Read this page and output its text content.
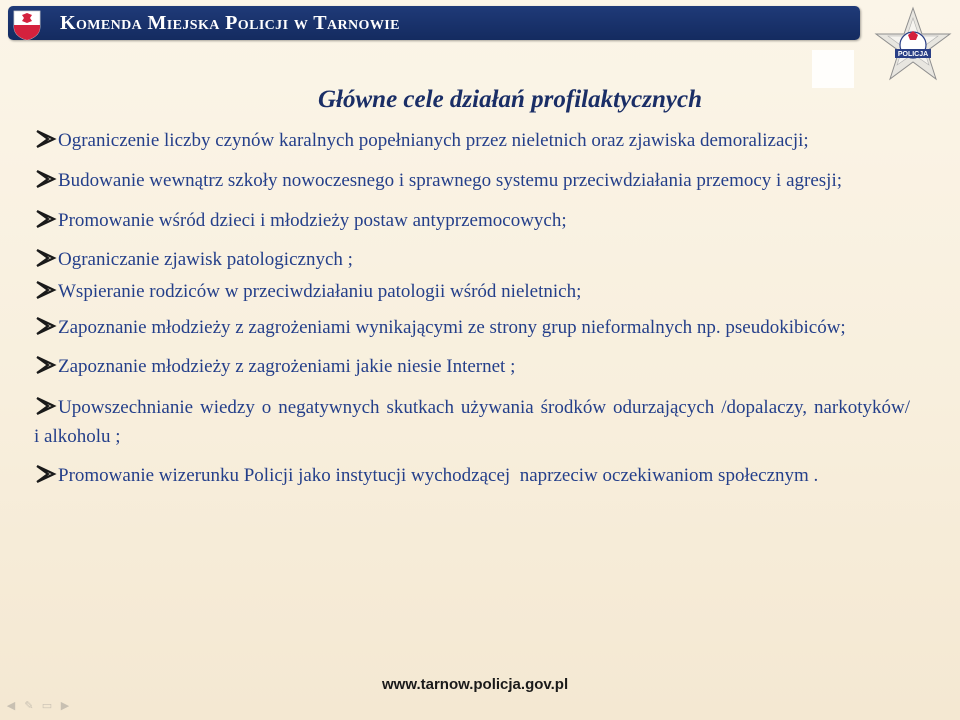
Komenda Miejska Policji w Tarnowie
POLICJA
Główne cele działań profilaktycznych
Ograniczenie liczby czynów karalnych popełnianych przez nieletnich oraz zjawiska demoralizacji;
Budowanie wewnątrz szkoły nowoczesnego i sprawnego systemu przeciwdziałania przemocy i agresji;
Promowanie wśród dzieci i młodzieży postaw antyprzemocowych;
Ograniczanie zjawisk patologicznych ;
Wspieranie rodziców w przeciwdziałaniu patologii wśród nieletnich;
Zapoznanie młodzieży z zagrożeniami wynikającymi ze strony grup nieformalnych np. pseudokibiców;
Zapoznanie młodzieży z zagrożeniami jakie niesie Internet ;
Upowszechnianie wiedzy o negatywnych skutkach używania środków odurzających /dopalaczy, narkotyków/    i alkoholu ;
Promowanie wizerunku Policji jako instytucji wychodzącej  naprzeciw oczekiwaniom społecznym .
www.tarnow.policja.gov.pl
◀ ✎ ▭ ▶
